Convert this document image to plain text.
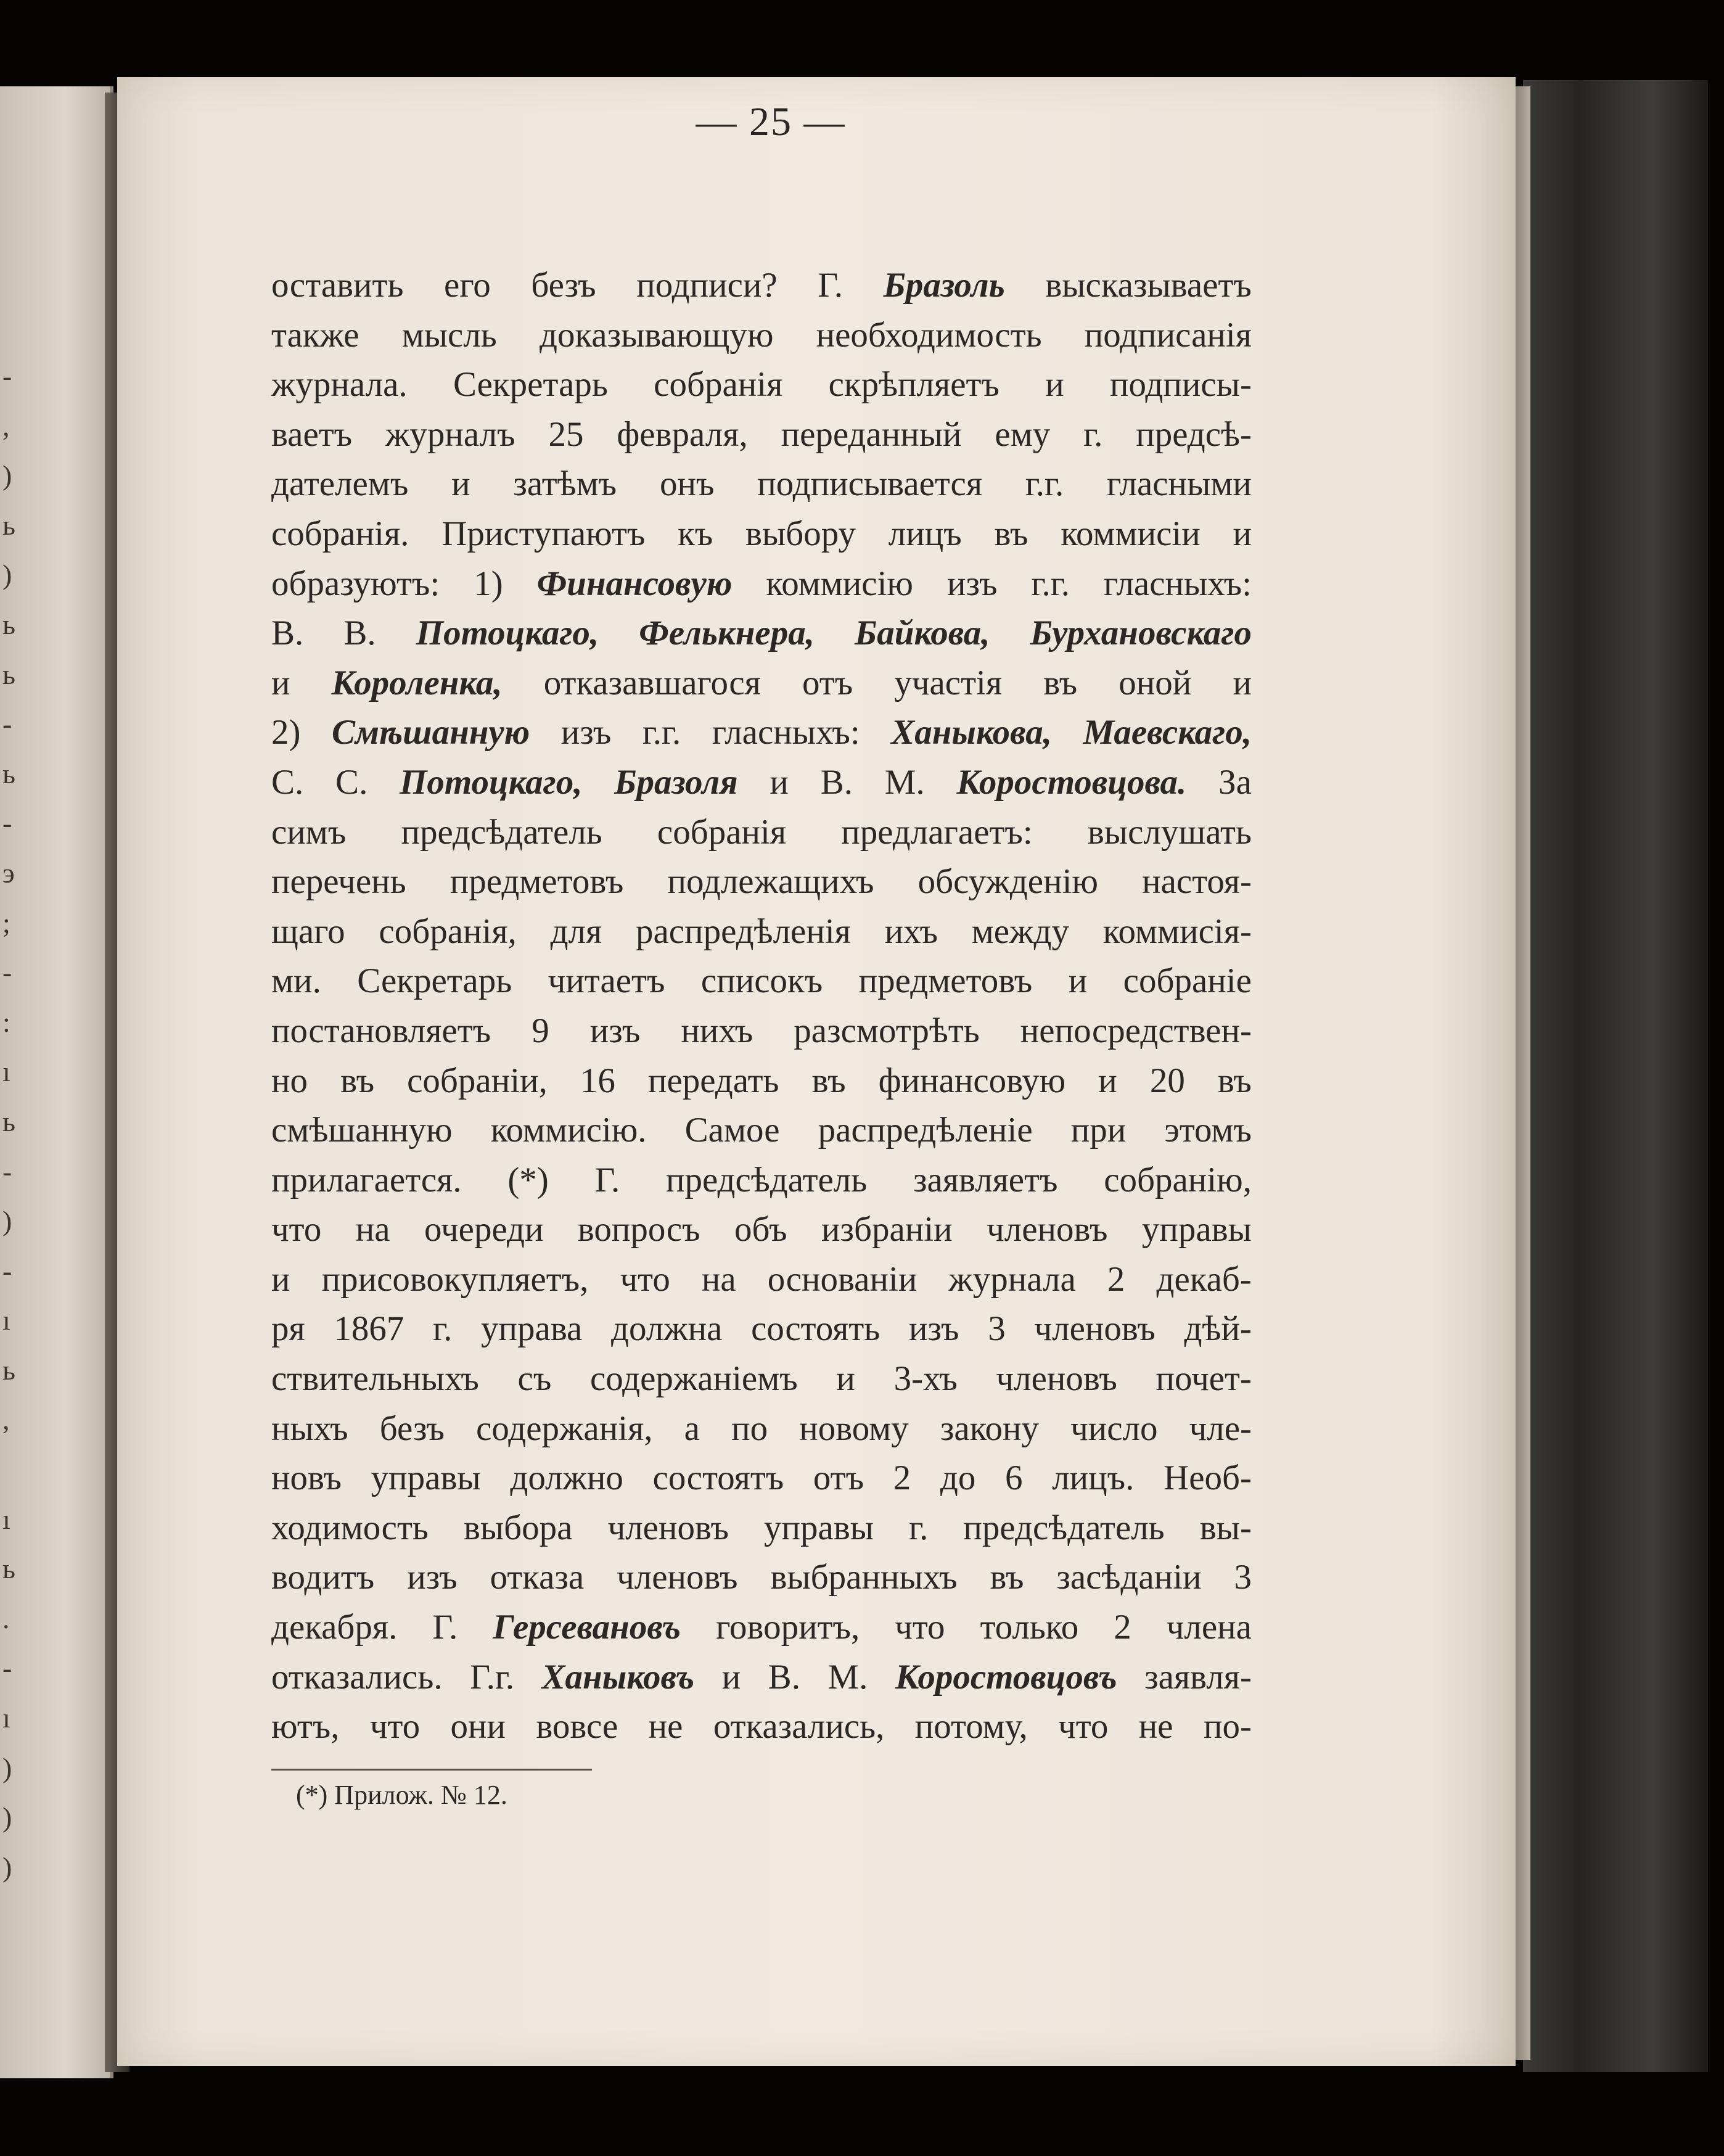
-
,
)
ь
)
ь
ь
-
ь
-
э
;
-
:
ı
ь
-
)
-
ı
ь
,
ı
ь
.
-
ı
)
)
)
— 25 —
оставить его безъ подписи? Г. Бразоль высказываетъ
также мысль доказывающую необходимость подписанія
журнала. Секретарь собранія скрѣпляетъ и подписы-
ваетъ журналъ 25 февраля, переданный ему г. предсѣ-
дателемъ и затѣмъ онъ подписывается г.г. гласными
собранія. Приступаютъ къ выбору лицъ въ коммисіи и
образуютъ: 1) Финансовую коммисію изъ г.г. гласныхъ:
В. В. Потоцкаго, Фелькнера, Байкова, Бурхановскаго
и Короленка, отказавшагося отъ участія въ оной и
2) Смѣшанную изъ г.г. гласныхъ: Ханыкова, Маевскаго,
С. С. Потоцкаго, Бразоля и В. М. Коростовцова. За
симъ предсѣдатель собранія предлагаетъ: выслушать
перечень предметовъ подлежащихъ обсужденію настоя-
щаго собранія, для распредѣленія ихъ между коммисія-
ми. Секретарь читаетъ списокъ предметовъ и собраніе
постановляетъ 9 изъ нихъ разсмотрѣть непосредствен-
но въ собраніи, 16 передать въ финансовую и 20 въ
смѣшанную коммисію. Самое распредѣленіе при этомъ
прилагается. (*) Г. предсѣдатель заявляетъ собранію,
что на очереди вопросъ объ избраніи членовъ управы
и присовокупляетъ, что на основаніи журнала 2 декаб-
ря 1867 г. управа должна состоять изъ 3 членовъ дѣй-
ствительныхъ съ содержаніемъ и 3-хъ членовъ почет-
ныхъ безъ содержанія, а по новому закону число чле-
новъ управы должно состоятъ отъ 2 до 6 лицъ. Необ-
ходимость выбора членовъ управы г. предсѣдатель вы-
водитъ изъ отказа членовъ выбранныхъ въ засѣданіи 3
декабря. Г. Герсевановъ говоритъ, что только 2 члена
отказались. Г.г. Ханыковъ и В. М. Коростовцовъ заявля-
ютъ, что они вовсе не отказались, потому, что не по-
(*) Прилож. № 12.
